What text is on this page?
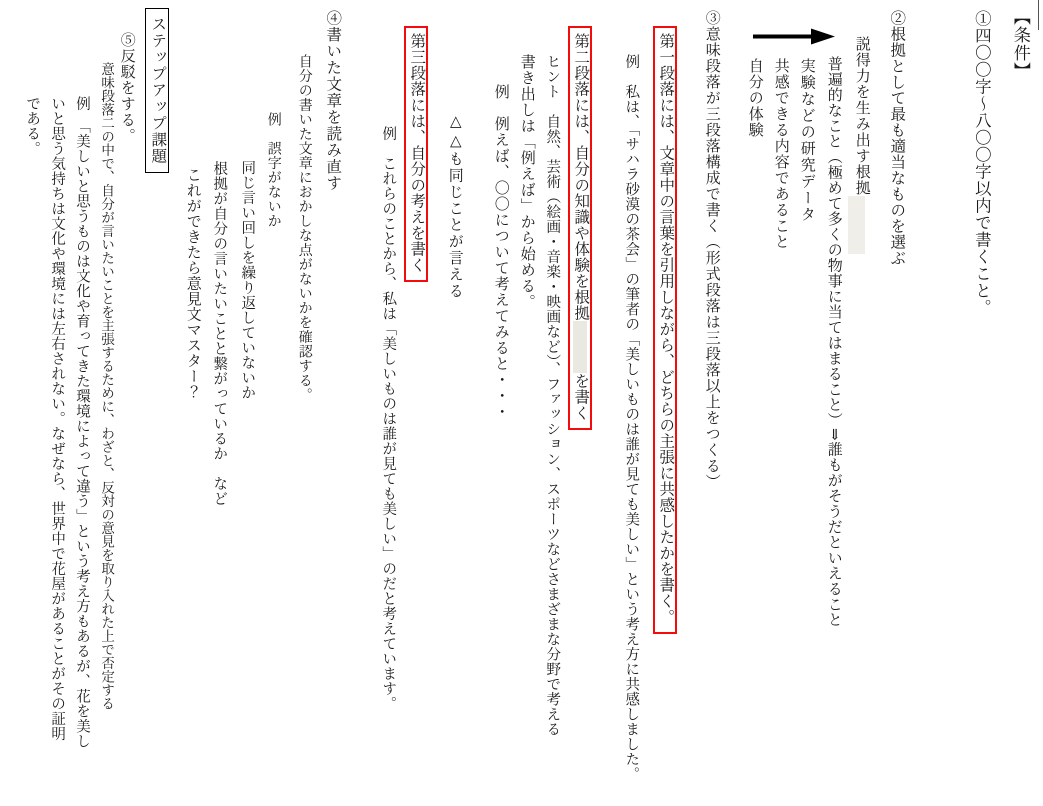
【条件】
①四〇〇字〜八〇〇字以内で書くこと。
②根拠として最も適当なものを選ぶ
説得力を生み出す根拠
普遍的なこと（極めて多くの物事に当てはまること）⇒誰もがそうだといえること
実験などの研究データ
共感できる内容であること
自分の体験
③意味段落が三段落構成で書く（形式段落は三段落以上をつくる）
第一段落には、文章中の言葉を引用しながら、どちらの主張に共感したかを書く。
例　私は、「サハラ砂漠の茶会」の筆者の「美しいものは誰が見ても美しい」という考え方に共感しました。
第二段落には、自分の知識や体験を根拠を書く
ヒント　自然、芸術（絵画・音楽・映画など）、ファッション、スポーツなどさまざまな分野で考える
書き出しは「例えば」から始める。
例　例えば、〇〇について考えてみると・・・
△△も同じことが言える
第三段落には、自分の考えを書く
例　これらのことから、私は「美しいものは誰が見ても美しい」のだと考えています。
④書いた文章を読み直す
自分の書いた文章におかしな点がないかを確認する。
例　誤字がないか
同じ言い回しを繰り返していないか
根拠が自分の言いたいことと繋がっているか　など
これができたら意見文マスター？
ステップアップ課題
⑤反駁をする。
意味段落二の中で、自分が言いたいことを主張するために、わざと、反対の意見を取り入れた上で否定する
例　「美しいと思うものは文化や育ってきた環境によって違う」という考え方もあるが、花を美しいと思う気持ちは文化や環境には左右されない。なぜなら、世界中で花屋があることがその証明である。
